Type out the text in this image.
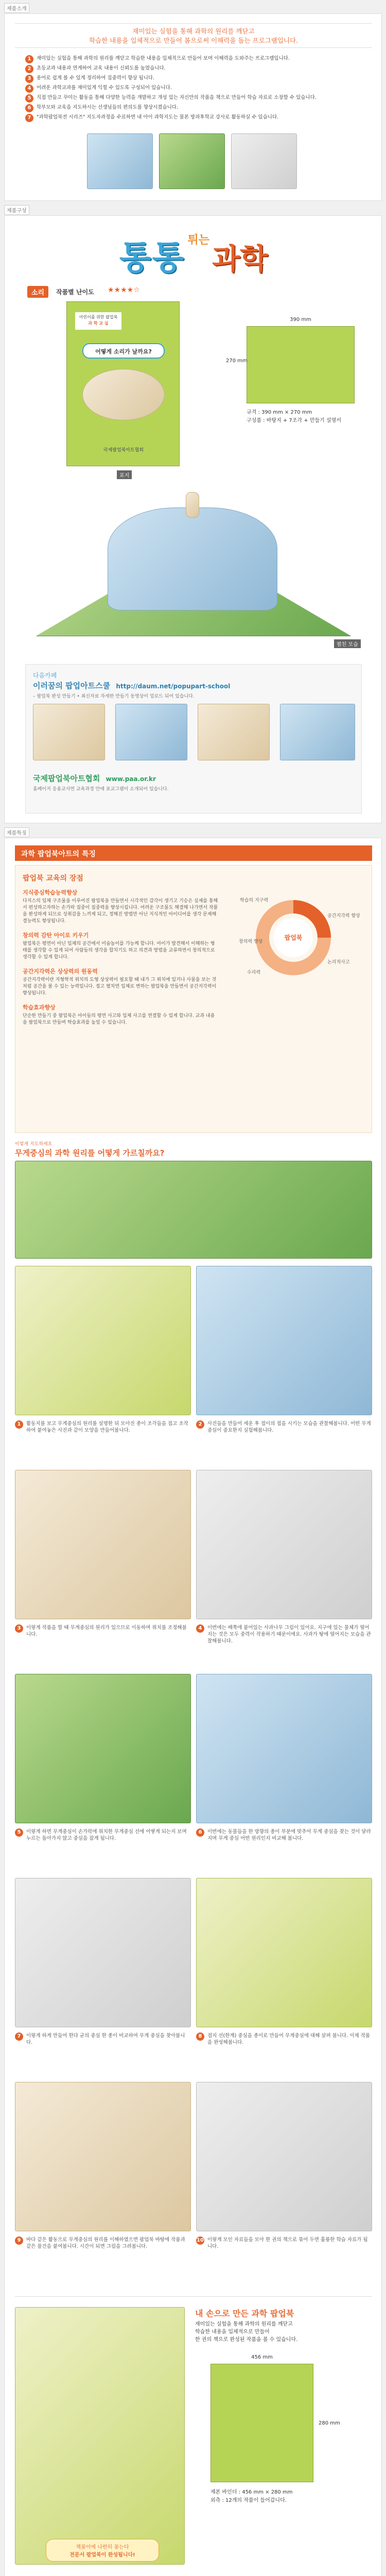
제품소개
재미있는 실험을 통해 과학의 원리를 깨닫고
학습한 내용을 입체적으로 만들어 봄으로써 이해력을 돕는 프로그램입니다.
1	재미있는 실험을 통해 과학의 원리를 깨닫고 학습한 내용을 입체적으로 만들어 보며 이해력을 도와주는 프로그램입니다.
2	초등교과 내용과 연계하여 교육 내용이 신뢰도를 높였습니다.
3	용어로 쉽게 볼 수 있게 정리하여 집중력이 향상 됩니다.
4	어려운 과학교과를 재미있게 익힐 수 있도록 구성되어 있습니다.
5	직접 만들고 꾸미는 활동을 통해 다양한 능력을 개발하고 개성 있는 자신만의 작품을 책으로 만들어 학습 자료로 소장할 수 있습니다.
6	학부모와 교육을 지도하시는 선생님들의 편의도를 향상시켰습니다.
7	"과학팝업북전 시리즈" 지도자과정을 수료하면 내 아이 과학지도는 물론 방과후학교 강사로 활동하실 수 있습니다.
제품구성
통통 튀는 과학
소리	작품별 난이도 ★★★★☆
어린이를 위한 팝업북
과 학 교 실
어떻게 소리가 날까요?
국제팝업북아트협회
표지
390 mm
270 mm
규격 : 390 mm × 270 mm
구성품 : 바탕지 + 7조각 + 만들기 설명서
펼친 모습
다음카페
이러꿈의 팝업아트스쿨 http://daum.net/popupart-school
– 팝업북 완성 만들기 • 최신자료 자세한 만들기 동영상이 업로드 되어 있습니다.
국제팝업북아트협회 www.paa.or.kr
홈페이지 응용교사연 교육과정 안에 표교그램이 소개되어 있습니다.
제품특징
과학 팝업북아트의 특징
팝업북 교육의 장점
지식중심학습능력향상
다지스의 입체 구조물을 이루어진 팝업북을 만들면서 시각적인 감각이 생기고 기승은 실제를 통해서 편성하고자하는 손가락 집중이 집중력을 향상시킵니다. 어려운 구조물도 해결해 나가면서 작품을 완성하게 되므로 성취감을 느끼게 되고, 정해진 방법만 아닌 지식적인 아이디어를 생각 문제해결능력도 향상됩니다.
창의력 감탄 아이로 키우기
팝업북은 평면이 아닌 입체의 공간에서 미술놀이를 가능케 합니다. 아이가 발견해서 이해하는 형태를 생각할 수 있게 되어 사람들의 생각을 합치기도 하고 의견과 방법을 교류하면서 창의적으로 생각할 수 있게 합니다.
공간지각력은 상상력의 원동력
공간지각력이란 지형학적 위치의 도형 상상력이 필요할 때 내가 그 위치에 있거나 사물을 보는 것처럼 공간을 볼 수 있는 능력입니다. 접고 펼치면 입체로 변하는 팝업북을 만들면서 공간지각력이 향상됩니다.
학습효과향상
단순한 만들기 중 팝업북은 아이들의 평면 사고와 입체 사고를 연결할 수 있게 합니다. 교과 내용을 팝업북으로 만들며 학습효과를 높일 수 있습니다.
팝업북
학습의 지구력
공간지각력 향상
창의력 향상
논리적사고
수리력
이렇게 지도하세요
무게중심의 과학 원리를 어떻게 가르칠까요?
1	활동지를 보고 무게중심의 원리를 설명한 뒤 모아진 종이 조각들을 접고 조작하여 붙여놓은 사진과 같이 모양을 만들어봅니다.
2	사진들을 만들어 세운 후 접이의 접을 시키는 모습을 관찰해봅니다. 어떤 무게중심이 중요한지 실험해봅니다.
3	이렇게 작품을 할 때 무게중심의 원리가 있으므로 이동하며 위치를 조정해봅니다.
4	이번에는 배쪽에 붙어있는 사과나무 그림이 있어요. 지구에 있는 물체가 떨어지는 것은 모두 중력이 작용하기 때문이에요. 사과가 땅에 떨어지는 모습을 관찰해봅니다.
5	이렇게 하면 무게중심이 손가락에 위치한 무게중심 선에 어떻게 되는지 보며 누르는 돌아가지 않고 중심을 잡게 됩니다.
6	이번에는 동물들을 한 방향의 종이 부분에 맞추어 무게 중심을 찾는 것이 달라지며 무게 중심 어떤 원리인지 비교해 봅니다.
7	이렇게 하게 만들어 한다 균의 중심 한 종이 비교하여 무게 중심을 찾아봅니다.
8	접지 선(한계) 중심을 종이로 만들어 무게중심에 대해 살펴 봅니다. 이제 작품을 완성해봅니다.
9	바다 같은 활동으로 무게중심의 원리를 이해하였으면 팝업북 바탕에 작품과 같은 물건을 붙여봅니다. 시간이 되면 그림을 그려봅니다.
10 이렇게 모인 자료들을 모아 한 권의 책으로 묶어 두면 훌륭한 학습 자료가 됩니다.
내 손으로 만든 과학 팝업북
재미있는 실험을 통해 과학의 원리를 깨닫고
학습한 내용을 입체적으로 만들어
한 권의 책으로 완성된 작품을 볼 수 있습니다.
456 mm
280 mm
제본 바인더 : 456 mm × 280 mm
외측 : 12개의 작품이 들어갑니다.
책꽂이에 나란히 꽂는다
전문서 팝업북이 완성됩니다!
